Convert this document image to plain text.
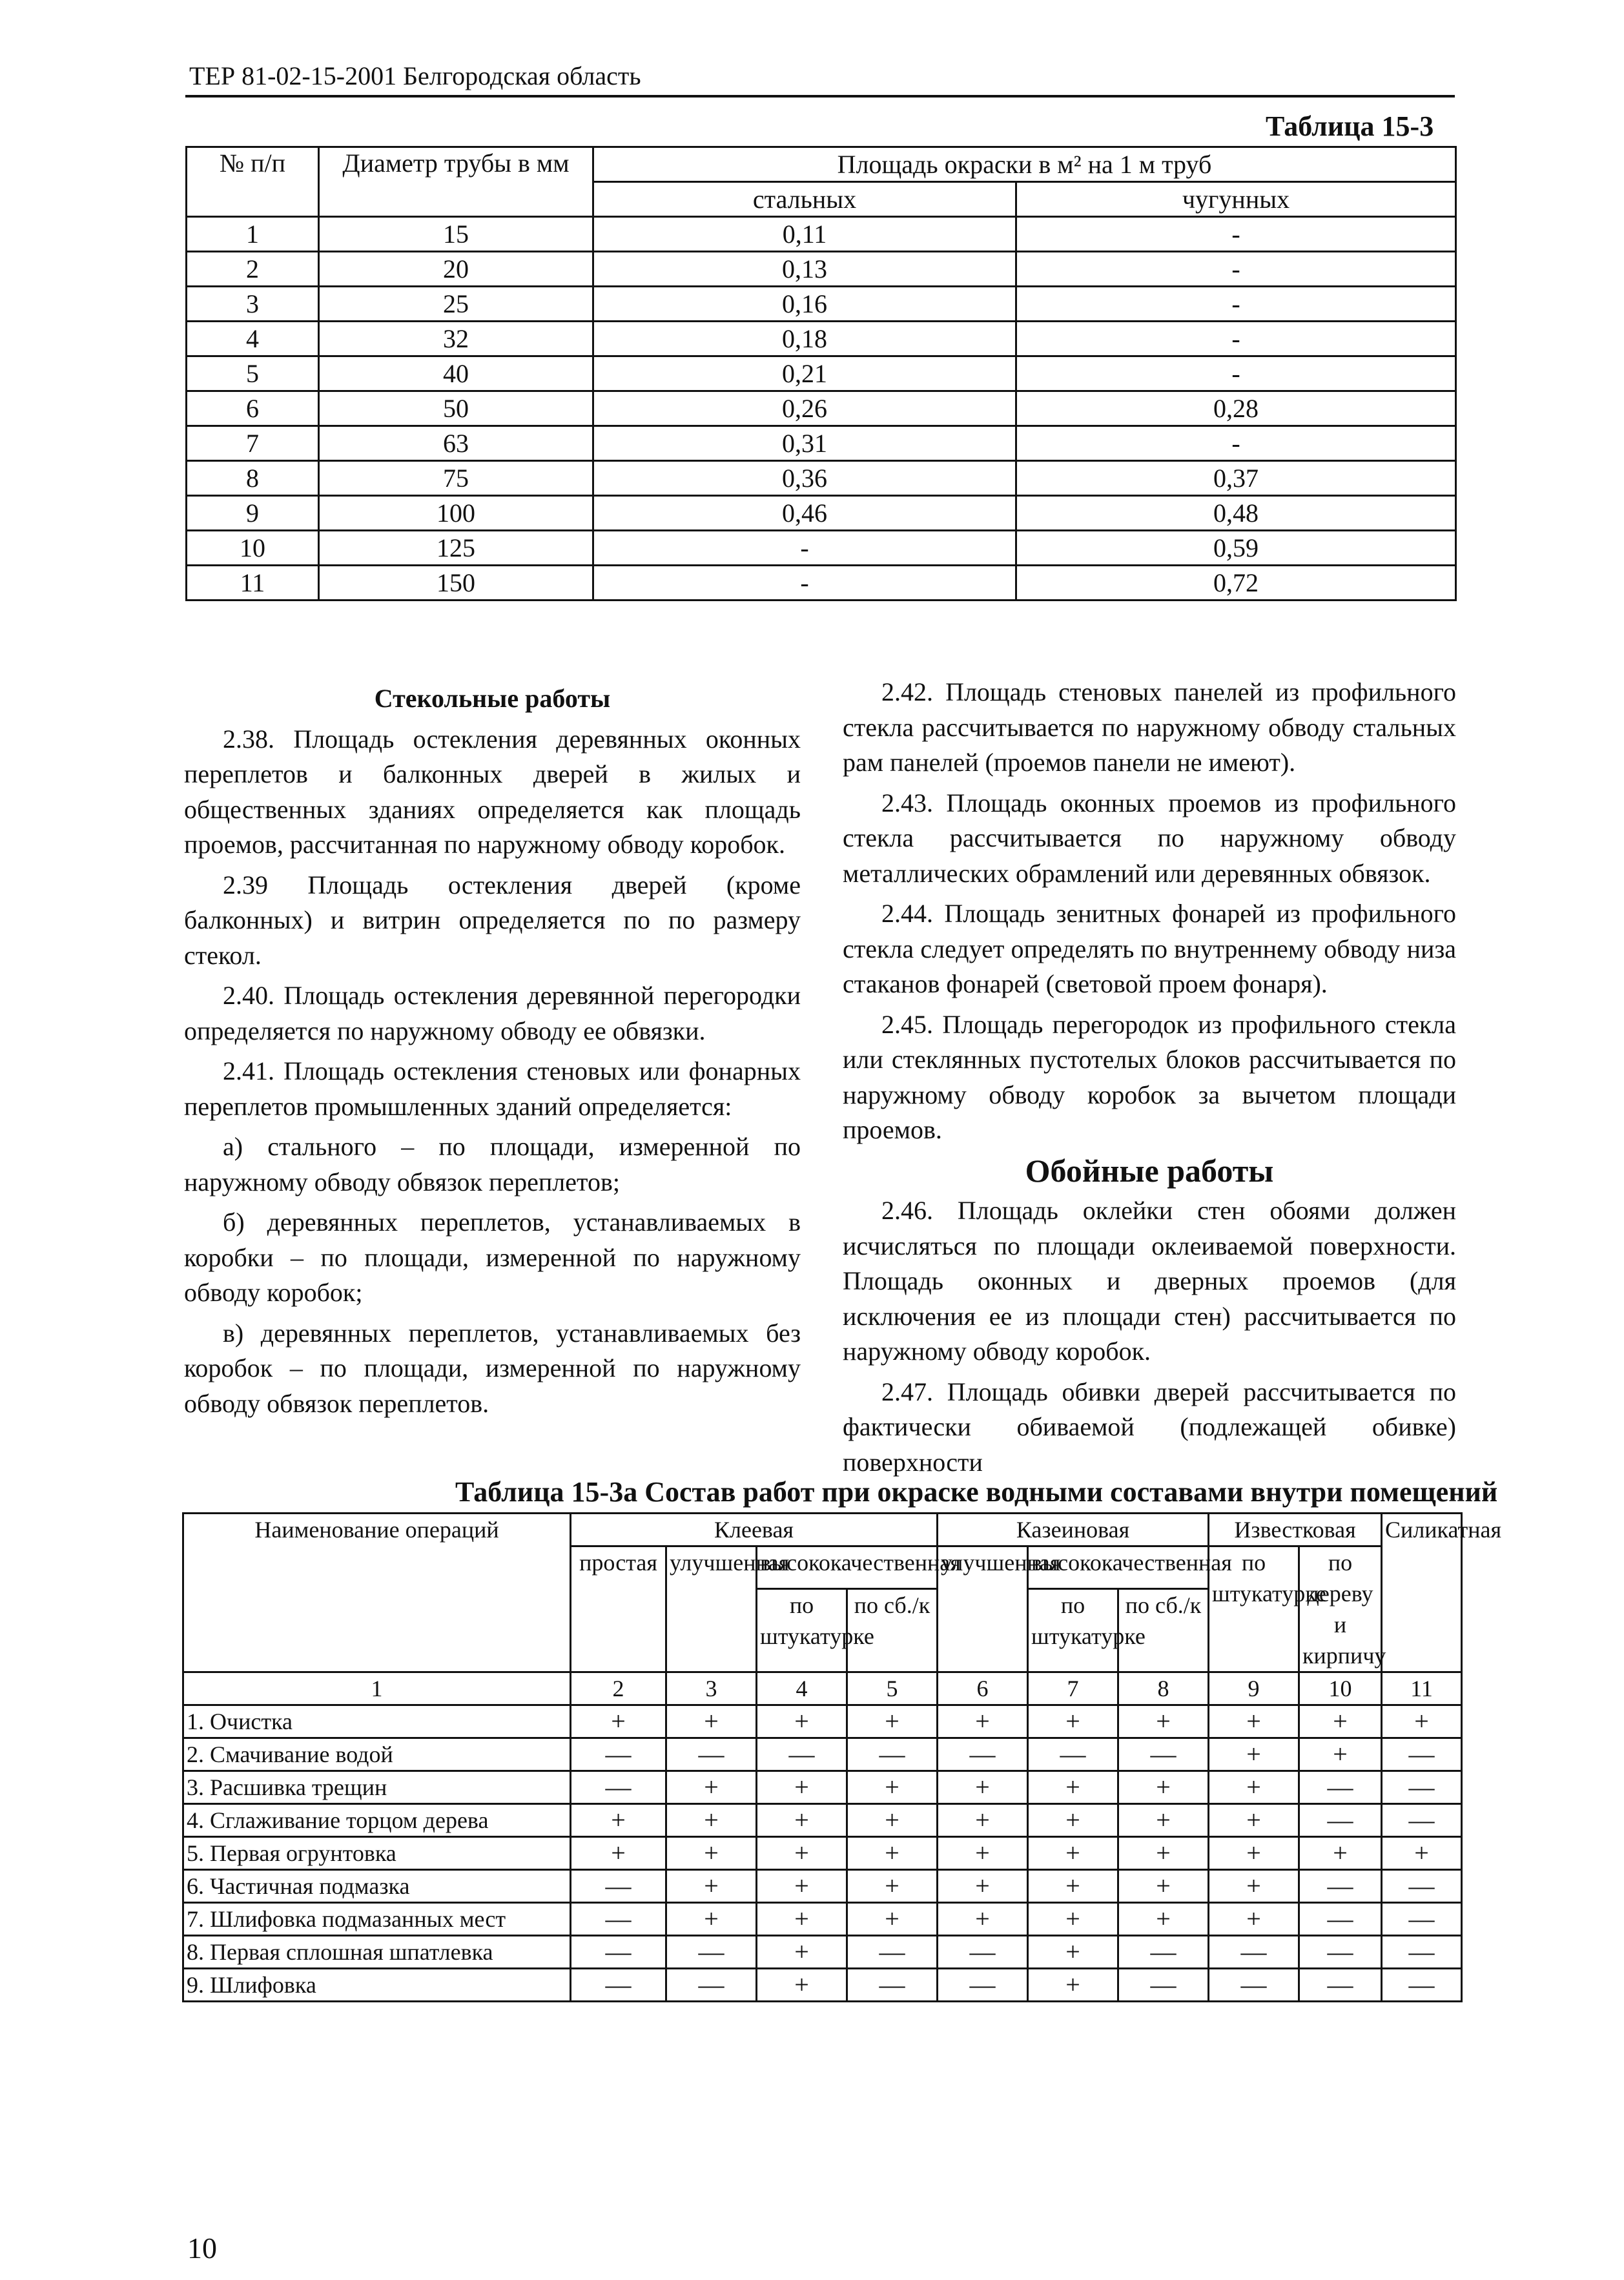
ТЕР 81-02-15-2001 Белгородская область
Таблица 15-3
№ п/п	Диаметр трубы в мм	Площадь окраски в м² на 1 м труб	
		стальных	чугунных
1	15	0,11	-
2	20	0,13	-
3	25	0,16	-
4	32	0,18	-
5	40	0,21	-
6	50	0,26	0,28
7	63	0,31	-
8	75	0,36	0,37
9	100	0,46	0,48
10	125	-	0,59
11	150	-	0,72

Стекольные работы

2.38. Площадь остекления деревянных оконных переплетов и балконных дверей в жилых и общественных зданиях определяется как площадь проемов, рассчитанная по наружному обводу коробок.

2.39 Площадь остекления дверей (кроме балконных) и витрин определяется по по размеру стекол.

2.40. Площадь остекления деревянной перегородки определяется по наружному обводу ее обвязки.

2.41. Площадь остекления стеновых или фонарных переплетов промышленных зданий определяется:

а) стального – по площади, измеренной по наружному обводу обвязок переплетов;

б) деревянных переплетов, устанавливаемых в коробки – по площади, измеренной по наружному обводу коробок;

в) деревянных переплетов, устанавливаемых без коробок – по площади, измеренной по наружному обводу обвязок переплетов.

2.42. Площадь стеновых панелей из профильного стекла рассчитывается по наружному обводу стальных рам панелей (проемов панели не имеют).

2.43. Площадь оконных проемов из профильного стекла рассчитывается по наружному обводу металлических обрамлений или деревянных обвязок.

2.44. Площадь зенитных фонарей из профильного стекла следует определять по внутреннему обводу низа стаканов фонарей (световой проем фонаря).

2.45. Площадь перегородок из профильного стекла или стеклянных пустотелых блоков рассчитывается по наружному обводу коробок за вычетом площади проемов.

Обойные работы

2.46. Площадь оклейки стен обоями должен исчисляться по площади оклеиваемой поверхности. Площадь оконных и дверных проемов (для исключения ее из площади стен) рассчитывается по наружному обводу коробок.

2.47. Площадь обивки дверей рассчитывается по фактически обиваемой (подлежащей обивке) поверхности

Таблица 15-3а Состав работ при окраске водными составами внутри помещений
Наименование операций	Клеевая				Казеиновая			Известковая		Силикатная
	простая	улучшенная	высококачественная		улучшенная	высококачественная		по штукатурке	по дереву и кирпичу	
			по штукатурке	по сб./к		по штукатурке	по сб./к			
1	2	3	4	5	6	7	8	9	10	11
1. Очистка	+	+	+	+	+	+	+	+	+	+
2. Смачивание водой	—	—	—	—	—	—	—	+	+	—
3. Расшивка трещин	—	+	+	+	+	+	+	+	—	—
4. Сглаживание торцом дерева	+	+	+	+	+	+	+	+	—	—
5. Первая огрунтовка	+	+	+	+	+	+	+	+	+	+
6. Частичная подмазка	—	+	+	+	+	+	+	+	—	—
7. Шлифовка подмазанных мест	—	+	+	+	+	+	+	+	—	—
8. Первая сплошная шпатлевка	—	—	+	—	—	+	—	—	—	—
9. Шлифовка	—	—	+	—	—	+	—	—	—	—
10
